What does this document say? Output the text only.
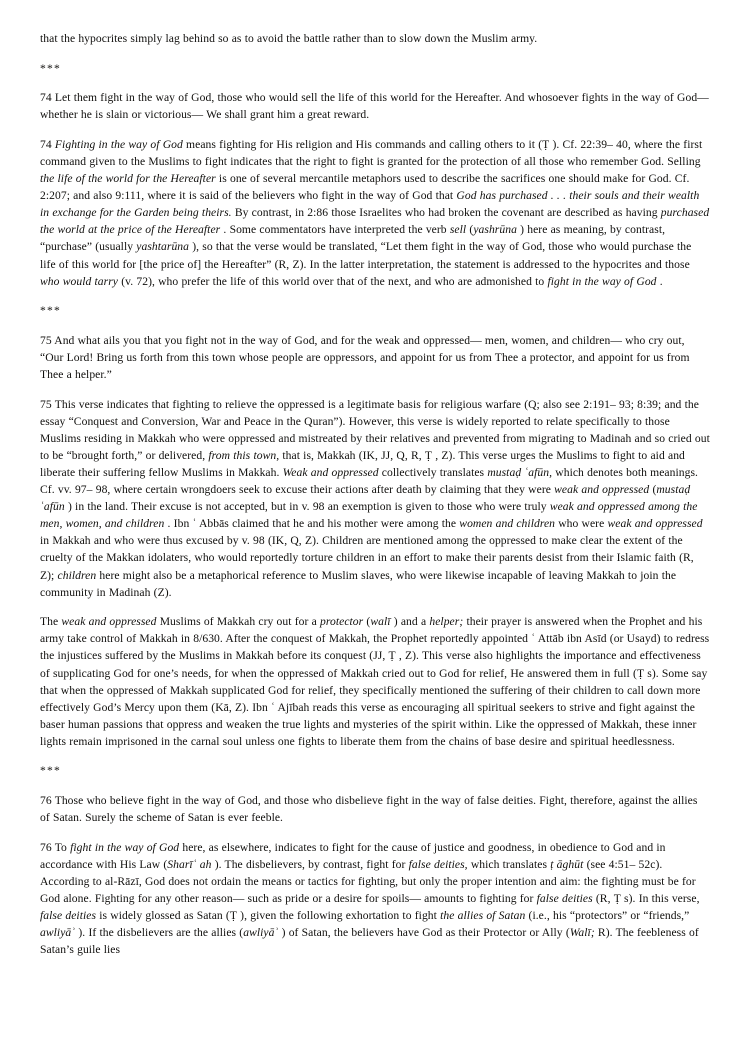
that the hypocrites simply lag behind so as to avoid the battle rather than to slow down the Muslim army.

***

74 Let them fight in the way of God, those who would sell the life of this world for the Hereafter. And whosoever fights in the way of God— whether he is slain or victorious— We shall grant him a great reward.

74 Fighting in the way of God means fighting for His religion and His commands and calling others to it (Ṭ ). Cf. 22:39– 40, where the first command given to the Muslims to fight indicates that the right to fight is granted for the protection of all those who remember God. Selling the life of the world for the Hereafter is one of several mercantile metaphors used to describe the sacrifices one should make for God. Cf. 2:207; and also 9:111, where it is said of the believers who fight in the way of God that God has purchased . . . their souls and their wealth in exchange for the Garden being theirs. By contrast, in 2:86 those Israelites who had broken the covenant are described as having purchased the world at the price of the Hereafter . Some commentators have interpreted the verb sell (yashrūna ) here as meaning, by contrast, “purchase” (usually yashtarūna ), so that the verse would be translated, “Let them fight in the way of God, those who would purchase the life of this world for [the price of] the Hereafter” (R, Z). In the latter interpretation, the statement is addressed to the hypocrites and those who would tarry (v. 72), who prefer the life of this world over that of the next, and who are admonished to fight in the way of God .

***

75 And what ails you that you fight not in the way of God, and for the weak and oppressed— men, women, and children— who cry out, “Our Lord! Bring us forth from this town whose people are oppressors, and appoint for us from Thee a protector, and appoint for us from Thee a helper.”

75 This verse indicates that fighting to relieve the oppressed is a legitimate basis for religious warfare (Q; also see 2:191– 93; 8:39; and the essay “Conquest and Conversion, War and Peace in the Quran”). However, this verse is widely reported to relate specifically to those Muslims residing in Makkah who were oppressed and mistreated by their relatives and prevented from migrating to Madinah and so cried out to be “brought forth,” or delivered, from this town, that is, Makkah (IK, JJ, Q, R, Ṭ , Z). This verse urges the Muslims to fight to aid and liberate their suffering fellow Muslims in Makkah. Weak and oppressed collectively translates mustaḍ ʿafūn, which denotes both meanings. Cf. vv. 97– 98, where certain wrongdoers seek to excuse their actions after death by claiming that they were weak and oppressed (mustaḍ ʿafūn ) in the land. Their excuse is not accepted, but in v. 98 an exemption is given to those who were truly weak and oppressed among the men, women, and children . Ibn ʿ Abbās claimed that he and his mother were among the women and children who were weak and oppressed in Makkah and who were thus excused by v. 98 (IK, Q, Z). Children are mentioned among the oppressed to make clear the extent of the cruelty of the Makkan idolaters, who would reportedly torture children in an effort to make their parents desist from their Islamic faith (R, Z); children here might also be a metaphorical reference to Muslim slaves, who were likewise incapable of leaving Makkah to join the community in Madinah (Z).

The weak and oppressed Muslims of Makkah cry out for a protector (walī ) and a helper; their prayer is answered when the Prophet and his army take control of Makkah in 8/630. After the conquest of Makkah, the Prophet reportedly appointed ʿ Attāb ibn Asīd (or Usayd) to redress the injustices suffered by the Muslims in Makkah before its conquest (JJ, Ṭ , Z). This verse also highlights the importance and effectiveness of supplicating God for one’s needs, for when the oppressed of Makkah cried out to God for relief, He answered them in full (Ṭ s). Some say that when the oppressed of Makkah supplicated God for relief, they specifically mentioned the suffering of their children to call down more effectively God’s Mercy upon them (Kā, Z). Ibn ʿ Ajībah reads this verse as encouraging all spiritual seekers to strive and fight against the baser human passions that oppress and weaken the true lights and mysteries of the spirit within. Like the oppressed of Makkah, these inner lights remain imprisoned in the carnal soul unless one fights to liberate them from the chains of base desire and spiritual heedlessness.

***

76 Those who believe fight in the way of God, and those who disbelieve fight in the way of false deities. Fight, therefore, against the allies of Satan. Surely the scheme of Satan is ever feeble.

76 To fight in the way of God here, as elsewhere, indicates to fight for the cause of justice and goodness, in obedience to God and in accordance with His Law (Sharīʿ ah ). The disbelievers, by contrast, fight for false deities, which translates ṭ āghūt (see 4:51– 52c). According to al-Rāzī, God does not ordain the means or tactics for fighting, but only the proper intention and aim: the fighting must be for God alone. Fighting for any other reason— such as pride or a desire for spoils— amounts to fighting for false deities (R, Ṭ s). In this verse, false deities is widely glossed as Satan (Ṭ ), given the following exhortation to fight the allies of Satan (i.e., his “protectors” or “friends,” awliyāʾ ). If the disbelievers are the allies (awliyāʾ ) of Satan, the believers have God as their Protector or Ally (Walī; R). The feebleness of Satan’s guile lies
